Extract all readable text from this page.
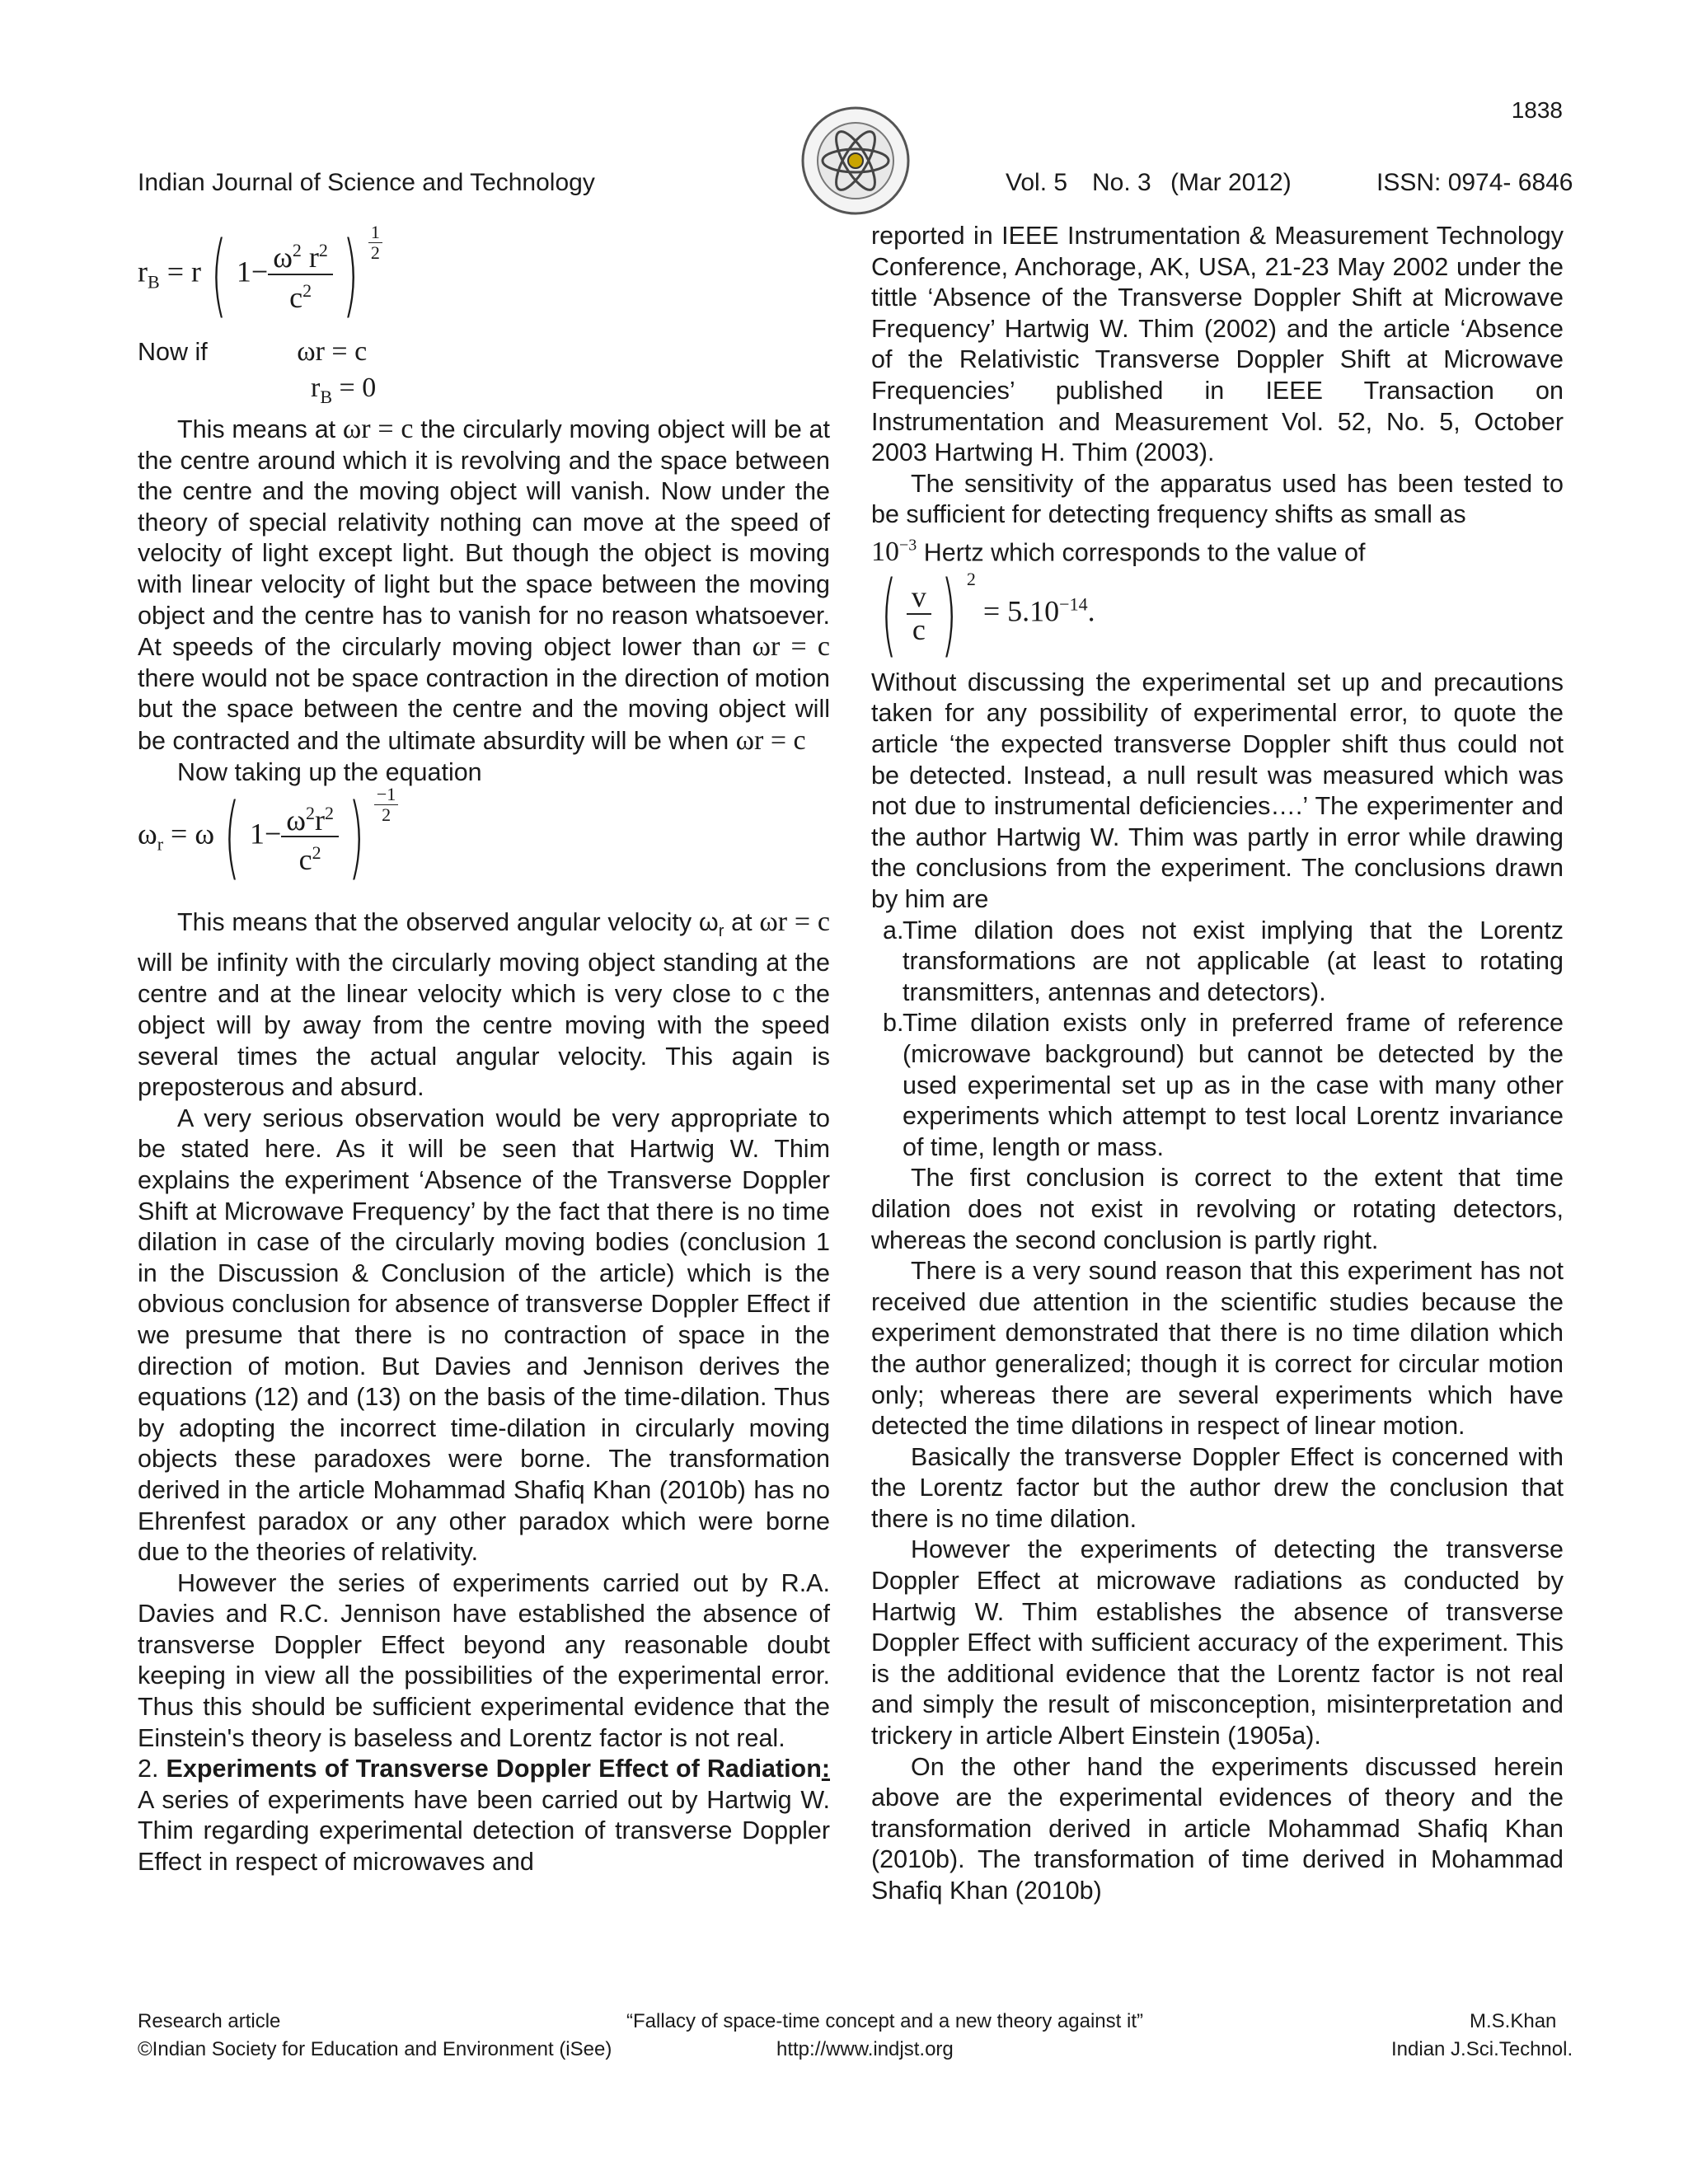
1838
Indian Journal of Science and Technology	Vol. 5 No. 3 (Mar 2012)	ISSN: 0974- 6846
$r_B = r$ ( $1- \frac{\omega^2 r^2}{c^2}$ ) $\frac{1}{2}$
Now if	ωr = c
$r_B = 0$

This means at ωr = c the circularly moving object will be at the centre around which it is revolving and the space between the centre and the moving object will vanish. Now under the theory of special relativity nothing can move at the speed of velocity of light except light. But though the object is moving with linear velocity of light but the space between the moving object and the centre has to vanish for no reason whatsoever. At speeds of the circularly moving object lower than ωr = c there would not be space contraction in the direction of motion but the space between the centre and the moving object will be contracted and the ultimate absurdity will be when ωr = c

Now taking up the equation

$\omega_r = \omega$ ( $1- \frac{\omega^2r^2}{c^2}$ ) $\frac{-1}{2}$

This means that the observed angular velocity $\omega_r$ at ωr = c will be infinity with the circularly moving object standing at the centre and at the linear velocity which is very close to c the object will by away from the centre moving with the speed several times the actual angular velocity. This again is preposterous and absurd.

A very serious observation would be very appropriate to be stated here. As it will be seen that Hartwig W. Thim explains the experiment ‘Absence of the Transverse Doppler Shift at Microwave Frequency’ by the fact that there is no time dilation in case of the circularly moving bodies (conclusion 1 in the Discussion & Conclusion of the article) which is the obvious conclusion for absence of transverse Doppler Effect if we presume that there is no contraction of space in the direction of motion. But Davies and Jennison derives the equations (12) and (13) on the basis of the time-dilation. Thus by adopting the incorrect time-dilation in circularly moving objects these paradoxes were borne. The transformation derived in the article Mohammad Shafiq Khan (2010b) has no Ehrenfest paradox or any other paradox which were borne due to the theories of relativity.

However the series of experiments carried out by R.A. Davies and R.C. Jennison have established the absence of transverse Doppler Effect beyond any reasonable doubt keeping in view all the possibilities of the experimental error. Thus this should be sufficient experimental evidence that the Einstein's theory is baseless and Lorentz factor is not real.

2. Experiments of Transverse Doppler Effect of Radiation: A series of experiments have been carried out by Hartwig W. Thim regarding experimental detection of transverse Doppler Effect in respect of microwaves and

reported in IEEE Instrumentation & Measurement Technology Conference, Anchorage, AK, USA, 21-23 May 2002 under the tittle ‘Absence of the Transverse Doppler Shift at Microwave Frequency’ Hartwig W. Thim (2002) and the article ‘Absence of the Relativistic Transverse Doppler Shift at Microwave Frequencies’ published in IEEE Transaction on Instrumentation and Measurement Vol. 52, No. 5, October 2003 Hartwing H. Thim (2003).

The sensitivity of the apparatus used has been tested to be sufficient for detecting frequency shifts as small as

$10^{-3}$ Hertz which corresponds to the value of

( $\frac{v}{c}$ ) $^2 = 5.10^{-14}$.

Without discussing the experimental set up and precautions taken for any possibility of experimental error, to quote the article ‘the expected transverse Doppler shift thus could not be detected. Instead, a null result was measured which was not due to instrumental deficiencies….’ The experimenter and the author Hartwig W. Thim was partly in error while drawing the conclusions from the experiment. The conclusions drawn by him are

a.
Time dilation does not exist implying that the Lorentz transformations are not applicable (at least to rotating transmitters, antennas and detectors).
b.
Time dilation exists only in preferred frame of reference (microwave background) but cannot be detected by the used experimental set up as in the case with many other experiments which attempt to test local Lorentz invariance of time, length or mass.

The first conclusion is correct to the extent that time dilation does not exist in revolving or rotating detectors, whereas the second conclusion is partly right.

There is a very sound reason that this experiment has not received due attention in the scientific studies because the experiment demonstrated that there is no time dilation which the author generalized; though it is correct for circular motion only; whereas there are several experiments which have detected the time dilations in respect of linear motion.

Basically the transverse Doppler Effect is concerned with the Lorentz factor but the author drew the conclusion that there is no time dilation.

However the experiments of detecting the transverse Doppler Effect at microwave radiations as conducted by Hartwig W. Thim establishes the absence of transverse Doppler Effect with sufficient accuracy of the experiment. This is the additional evidence that the Lorentz factor is not real and simply the result of misconception, misinterpretation and trickery in article Albert Einstein (1905a).

On the other hand the experiments discussed herein above are the experimental evidences of theory and the transformation derived in article Mohammad Shafiq Khan (2010b). The transformation of time derived in Mohammad Shafiq Khan (2010b)

Research article	“Fallacy of space-time concept and a new theory against it”	M.S.Khan
©Indian Society for Education and Environment (iSee)	http://www.indjst.org	Indian J.Sci.Technol.
